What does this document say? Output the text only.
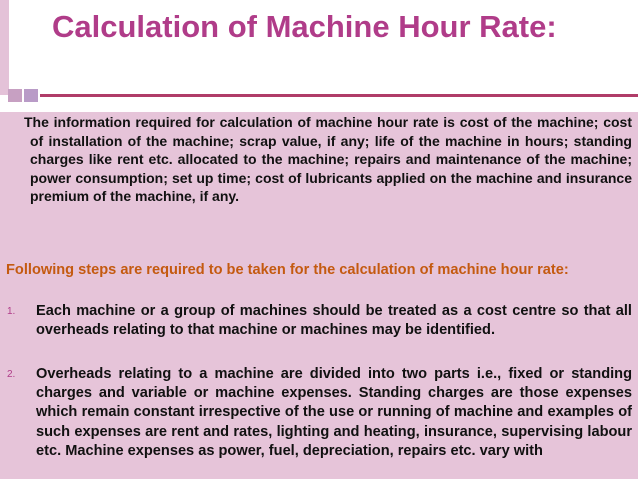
Calculation of Machine Hour Rate:
The information required for calculation of machine hour rate is cost of the machine; cost of installation of the machine; scrap value, if any; life of the machine in hours; standing charges like rent etc. allocated to the machine; repairs and maintenance of the machine; power consumption; set up time; cost of lubricants applied on the machine and insurance premium of the machine, if any.
Following steps are required to be taken for the calculation of machine hour rate:
1. Each machine or a group of machines should be treated as a cost centre so that all overheads relating to that machine or machines may be identified.
2. Overheads relating to a machine are divided into two parts i.e., fixed or standing charges and variable or machine expenses. Standing charges are those expenses which remain constant irrespective of the use or running of machine and examples of such expenses are rent and rates, lighting and heating, insurance, supervising labour etc. Machine expenses as power, fuel, depreciation, repairs etc. vary with
